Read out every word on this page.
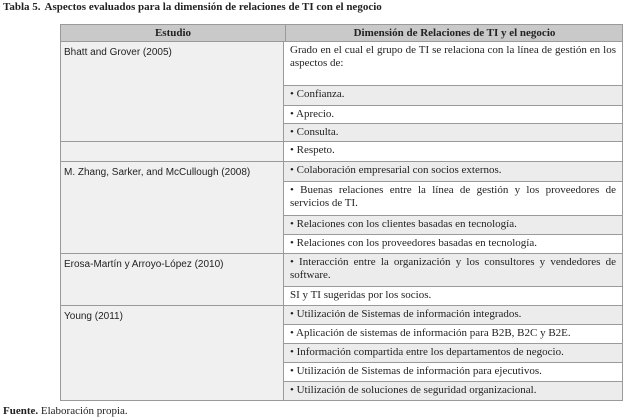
Tabla 5. Aspectos evaluados para la dimensión de relaciones de TI con el negocio
Estudio	Dimensión de Relaciones de TI y el negocio
Bhatt and Grover (2005)	Grado en el cual el grupo de TI se relaciona con la línea de gestión en los aspectos de:
• Confianza.
• Aprecio.
• Consulta.
• Respeto.
M. Zhang, Sarker, and McCullough (2008)	• Colaboración empresarial con socios externos.
• Buenas relaciones entre la línea de gestión y los proveedores de servicios de TI.
• Relaciones con los clientes basadas en tecnología.
• Relaciones con los proveedores basadas en tecnología.
Erosa-Martín y Arroyo-López (2010)	• Interacción entre la organización y los consultores y vendedores de software.
SI y TI sugeridas por los socios.
Young (2011)	• Utilización de Sistemas de información integrados.
• Aplicación de sistemas de información para B2B, B2C y B2E.
• Información compartida entre los departamentos de negocio.
• Utilización de Sistemas de información para ejecutivos.
• Utilización de soluciones de seguridad organizacional.
Fuente. Elaboración propia.
